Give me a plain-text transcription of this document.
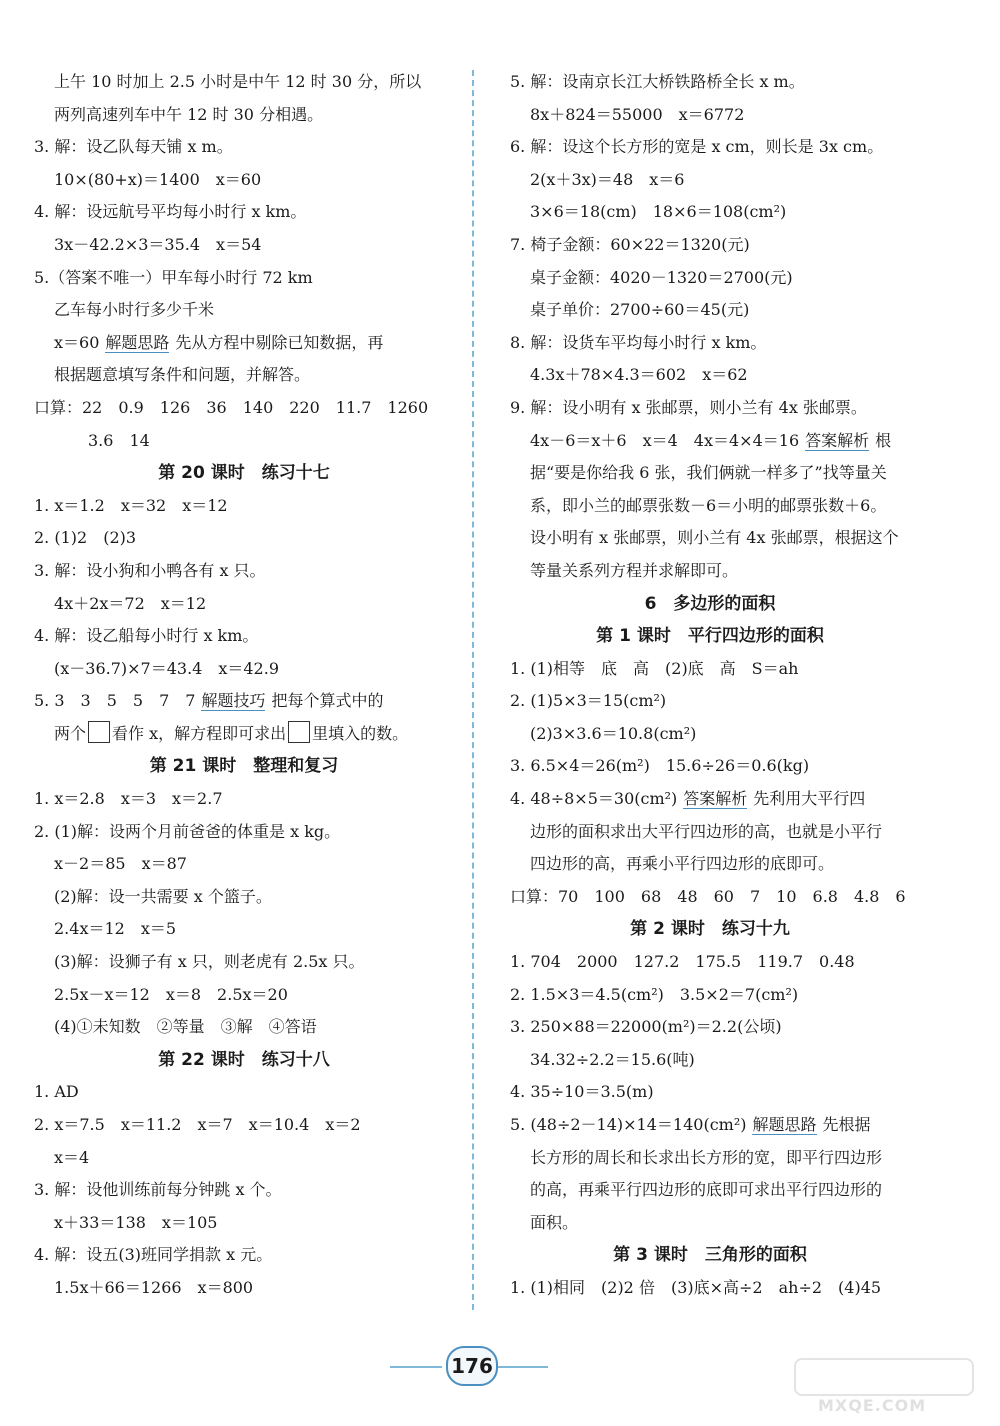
上午 10 时加上 2.5 小时是中午 12 时 30 分，所以
两列高速列车中午 12 时 30 分相遇。
3. 解：设乙队每天铺 x m。
10×(80+x)＝1400　x＝60
4. 解：设远航号平均每小时行 x km。
3x－42.2×3＝35.4　x＝54
5.（答案不唯一）甲车每小时行 72 km
乙车每小时行多少千米
x＝60 解题思路 先从方程中剔除已知数据，再
根据题意填写条件和问题，并解答。
口算：22　0.9　126　36　140　220　11.7　1260
3.6　14
第 20 课时　练习十七
1. x＝1.2　x＝32　x＝12
2. (1)2　(2)3
3. 解：设小狗和小鸭各有 x 只。
4x＋2x＝72　x＝12
4. 解：设乙船每小时行 x km。
(x－36.7)×7＝43.4　x＝42.9
5. 3　3　5　5　7　7 解题技巧 把每个算式中的
两个 看作 x，解方程即可求出 里填入的数。
第 21 课时　整理和复习
1. x＝2.8　x＝3　x＝2.7
2. (1)解：设两个月前爸爸的体重是 x kg。
x－2＝85　x＝87
(2)解：设一共需要 x 个篮子。
2.4x＝12　x＝5
(3)解：设狮子有 x 只，则老虎有 2.5x 只。
2.5x－x＝12　x＝8　2.5x＝20
(4)①未知数　②等量　③解　④答语
第 22 课时　练习十八
1. AD
2. x＝7.5　x＝11.2　x＝7　x＝10.4　x＝2
x＝4
3. 解：设他训练前每分钟跳 x 个。
x＋33＝138　x＝105
4. 解：设五(3)班同学捐款 x 元。
1.5x＋66＝1266　x＝800
5. 解：设南京长江大桥铁路桥全长 x m。
8x＋824＝55000　x＝6772
6. 解：设这个长方形的宽是 x cm，则长是 3x cm。
2(x＋3x)＝48　x＝6
3×6＝18(cm)　18×6＝108(cm²)
7. 椅子金额：60×22＝1320(元)
桌子金额：4020－1320＝2700(元)
桌子单价：2700÷60＝45(元)
8. 解：设货车平均每小时行 x km。
4.3x＋78×4.3＝602　x＝62
9. 解：设小明有 x 张邮票，则小兰有 4x 张邮票。
4x－6＝x＋6　x＝4　4x＝4×4＝16 答案解析 根
据“要是你给我 6 张，我们俩就一样多了”找等量关
系，即小兰的邮票张数－6＝小明的邮票张数＋6。
设小明有 x 张邮票，则小兰有 4x 张邮票，根据这个
等量关系列方程并求解即可。
6　多边形的面积
第 1 课时　平行四边形的面积
1. (1)相等　底　高　(2)底　高　S＝ah
2. (1)5×3＝15(cm²)
(2)3×3.6＝10.8(cm²)
3. 6.5×4＝26(m²)　15.6÷26＝0.6(kg)
4. 48÷8×5＝30(cm²) 答案解析 先利用大平行四
边形的面积求出大平行四边形的高，也就是小平行
四边形的高，再乘小平行四边形的底即可。
口算：70　100　68　48　60　7　10　6.8　4.8　6
第 2 课时　练习十九
1. 704　2000　127.2　175.5　119.7　0.48
2. 1.5×3＝4.5(cm²)　3.5×2＝7(cm²)
3. 250×88＝22000(m²)＝2.2(公顷)
34.32÷2.2＝15.6(吨)
4. 35÷10＝3.5(m)
5. (48÷2－14)×14＝140(cm²) 解题思路 先根据
长方形的周长和长求出长方形的宽，即平行四边形
的高，再乘平行四边形的底即可求出平行四边形的
面积。
第 3 课时　三角形的面积
1. (1)相同　(2)2 倍　(3)底×高÷2　ah÷2　(4)45
176
MXQE.COM
